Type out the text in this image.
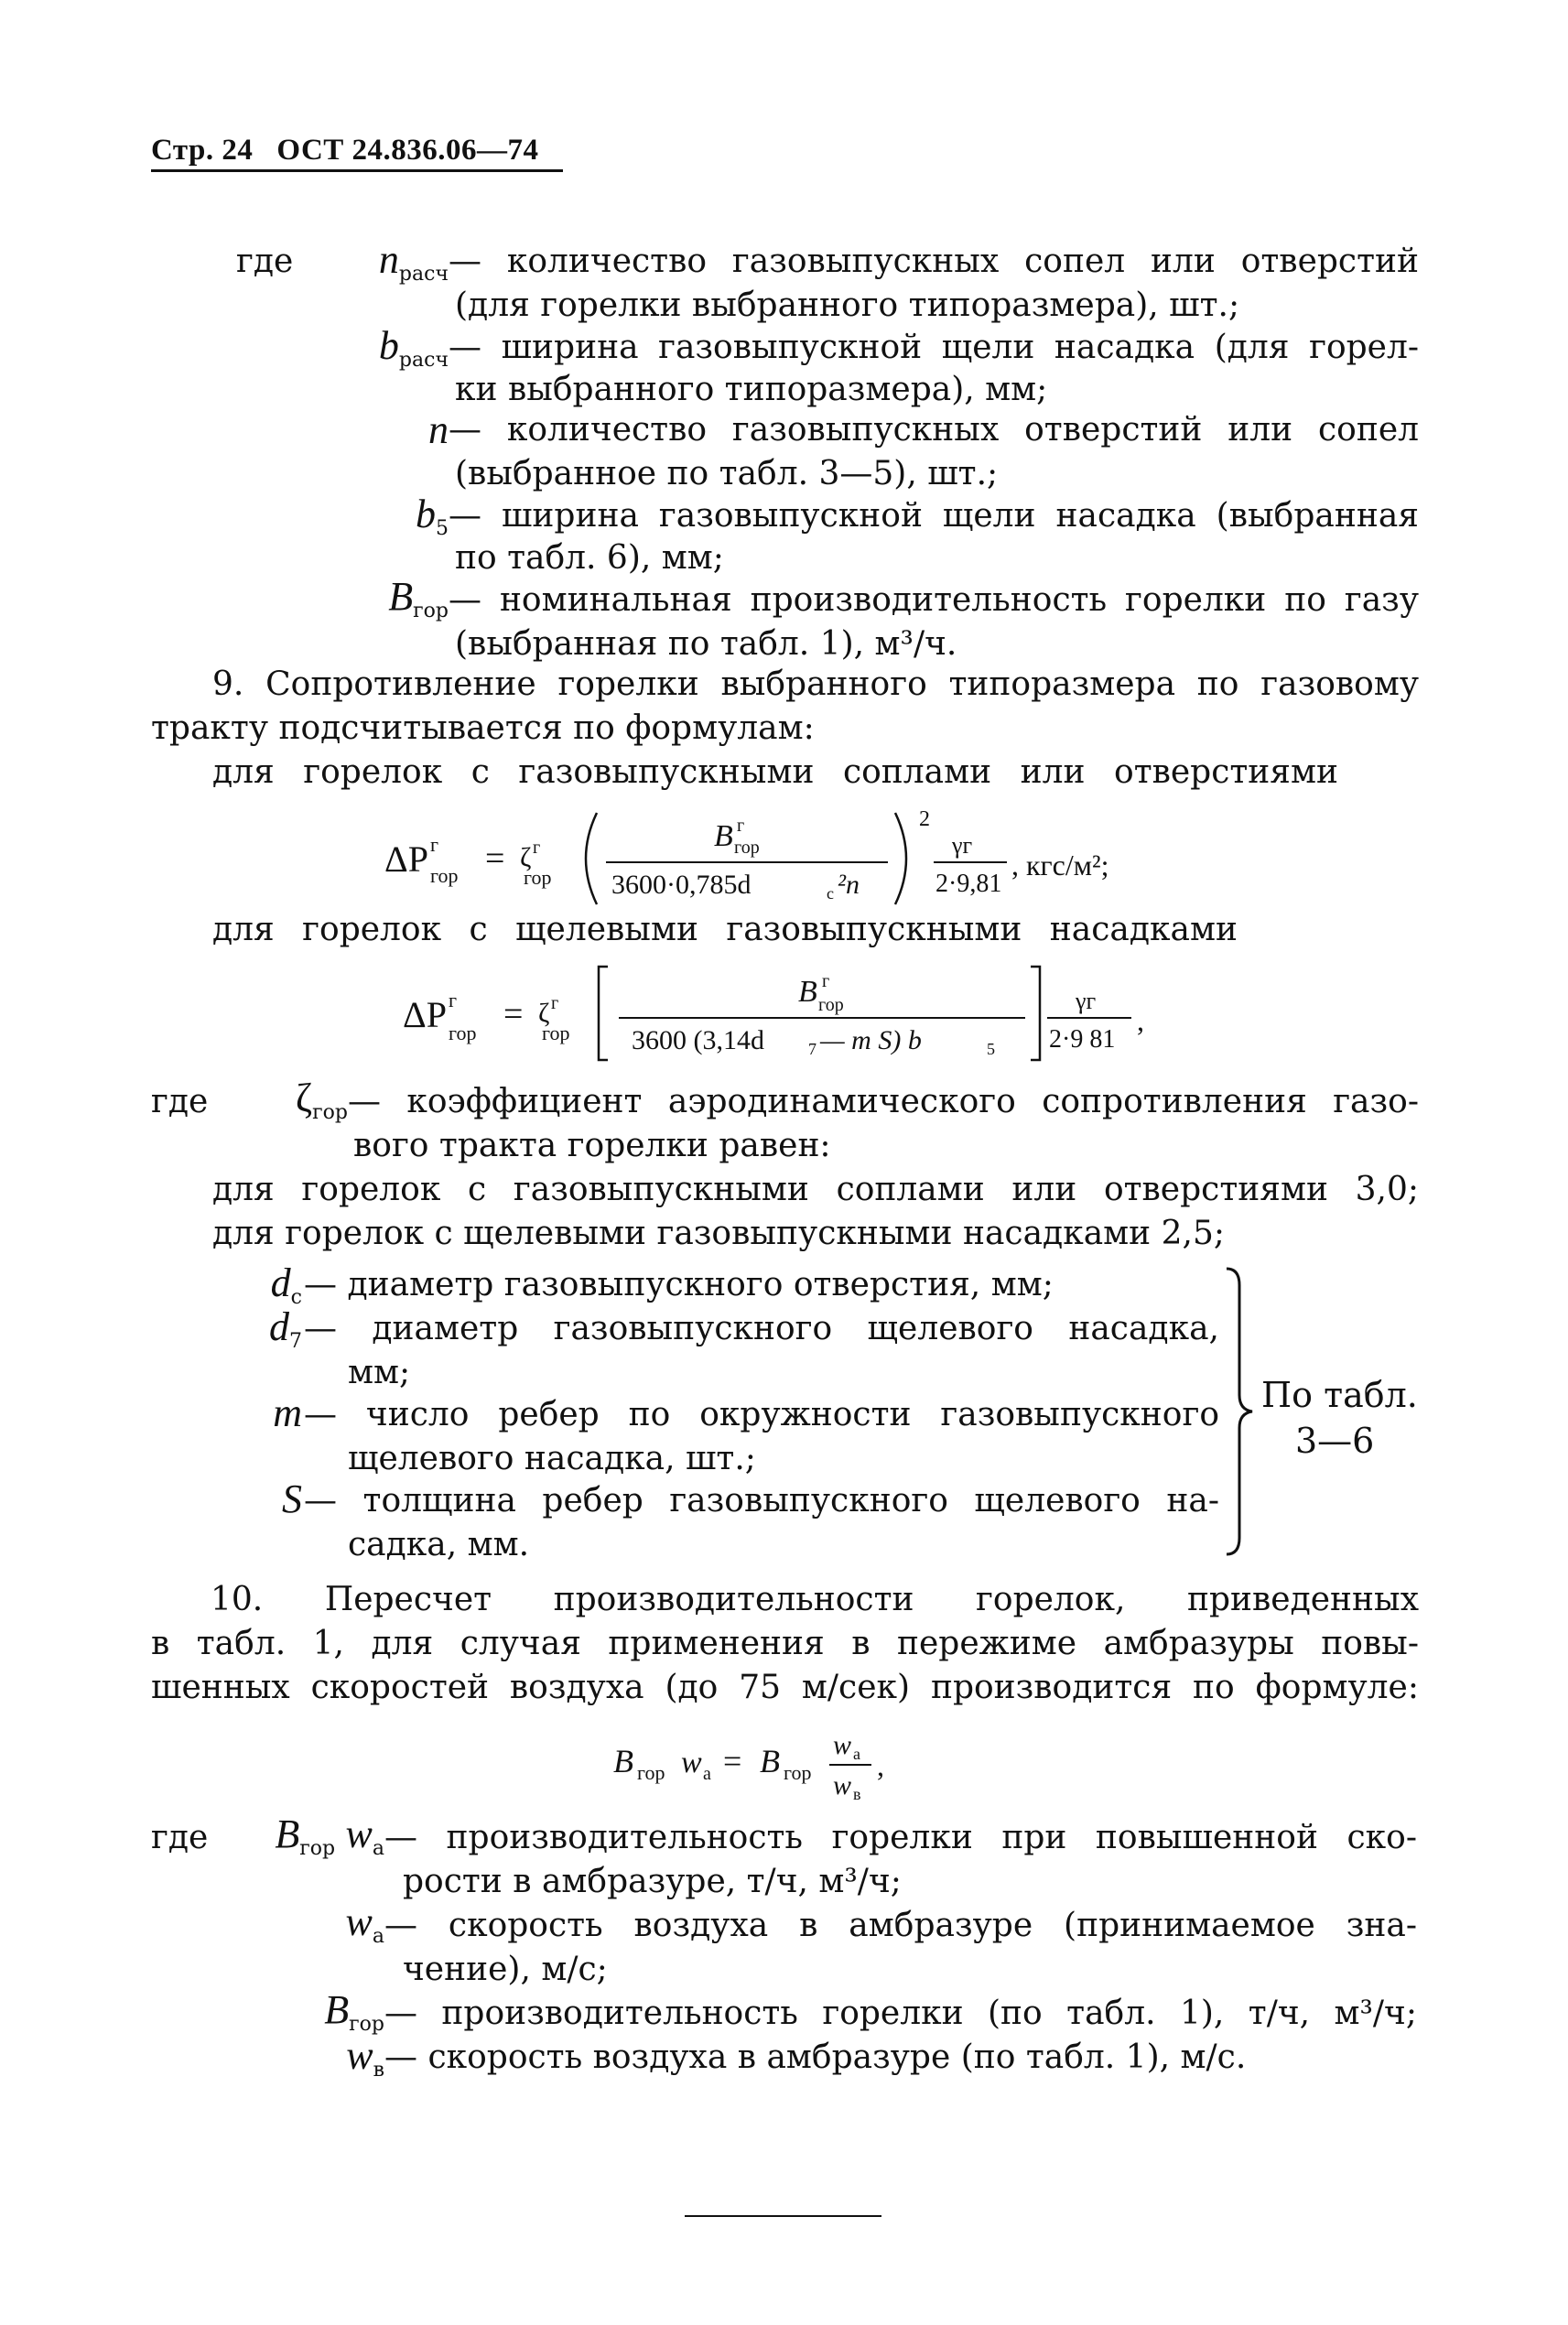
Стр. 24 ОСТ 24.836.06—74
где	$n_{расч}$ — количество газовыпускных сопел или отверстий
(для горелки выбранного типоразмера), шт.;
$b_{расч}$ — ширина газовыпускной щели насадка (для горел-
ки выбранного типоразмера), мм;
n — количество газовыпускных отверстий или сопел
(выбранное по табл. 3—5), шт.;
$b_5$ — ширина газовыпускной щели насадка (выбранная
по табл. 6), мм;
$B_{гор}$ — номинальная производительность горелки по газу
(выбранная по табл. 1), м³/ч.
9. Сопротивление горелки выбранного типоразмера по газовому
тракту подсчитывается по формулам:
для горелок с газовыпускными соплами или отверстиями
ΔP г
гор = ζ г
гор
B г
гор
3600·0,785d	c ²n
2
γг
2·9,81
, кгс/м²;
для горелок с щелевыми газовыпускными насадками
ΔP г
гор = ζ г
гор
B г
гор
3600 (3,14d	7 — m S) b	5
γг
2·9 81
,
где	$\zeta_{гор}$ — коэффициент аэродинамического сопротивления газо-
вого тракта горелки равен:
для горелок с газовыпускными соплами или отверстиями 3,0;
для горелок с щелевыми газовыпускными насадками 2,5;
$d_c$ — диаметр газовыпускного отверстия, мм;
$d_7$ — диаметр газовыпускного щелевого насадка,
мм;
m — число ребер по окружности газовыпускного
щелевого насадка, шт.;
S — толщина ребер газовыпускного щелевого на-
садка, мм.
По табл.
3—6
10. Пересчет производительности горелок, приведенных
в табл. 1, для случая применения в пережиме амбразуры повы-
шенных скоростей воздуха (до 75 м/сек) производится по формуле:
B гор w a = B гор
w a
w в
,
где	$B_{гор}$ $w_a$ — производительность горелки при повышенной ско-
рости в амбразуре, т/ч, м³/ч;
$w_a$ — скорость воздуха в амбразуре (принимаемое зна-
чение), м/с;
$B_{гор}$ — производительность горелки (по табл. 1), т/ч, м³/ч;
$w_в$ — скорость воздуха в амбразуре (по табл. 1), м/с.
